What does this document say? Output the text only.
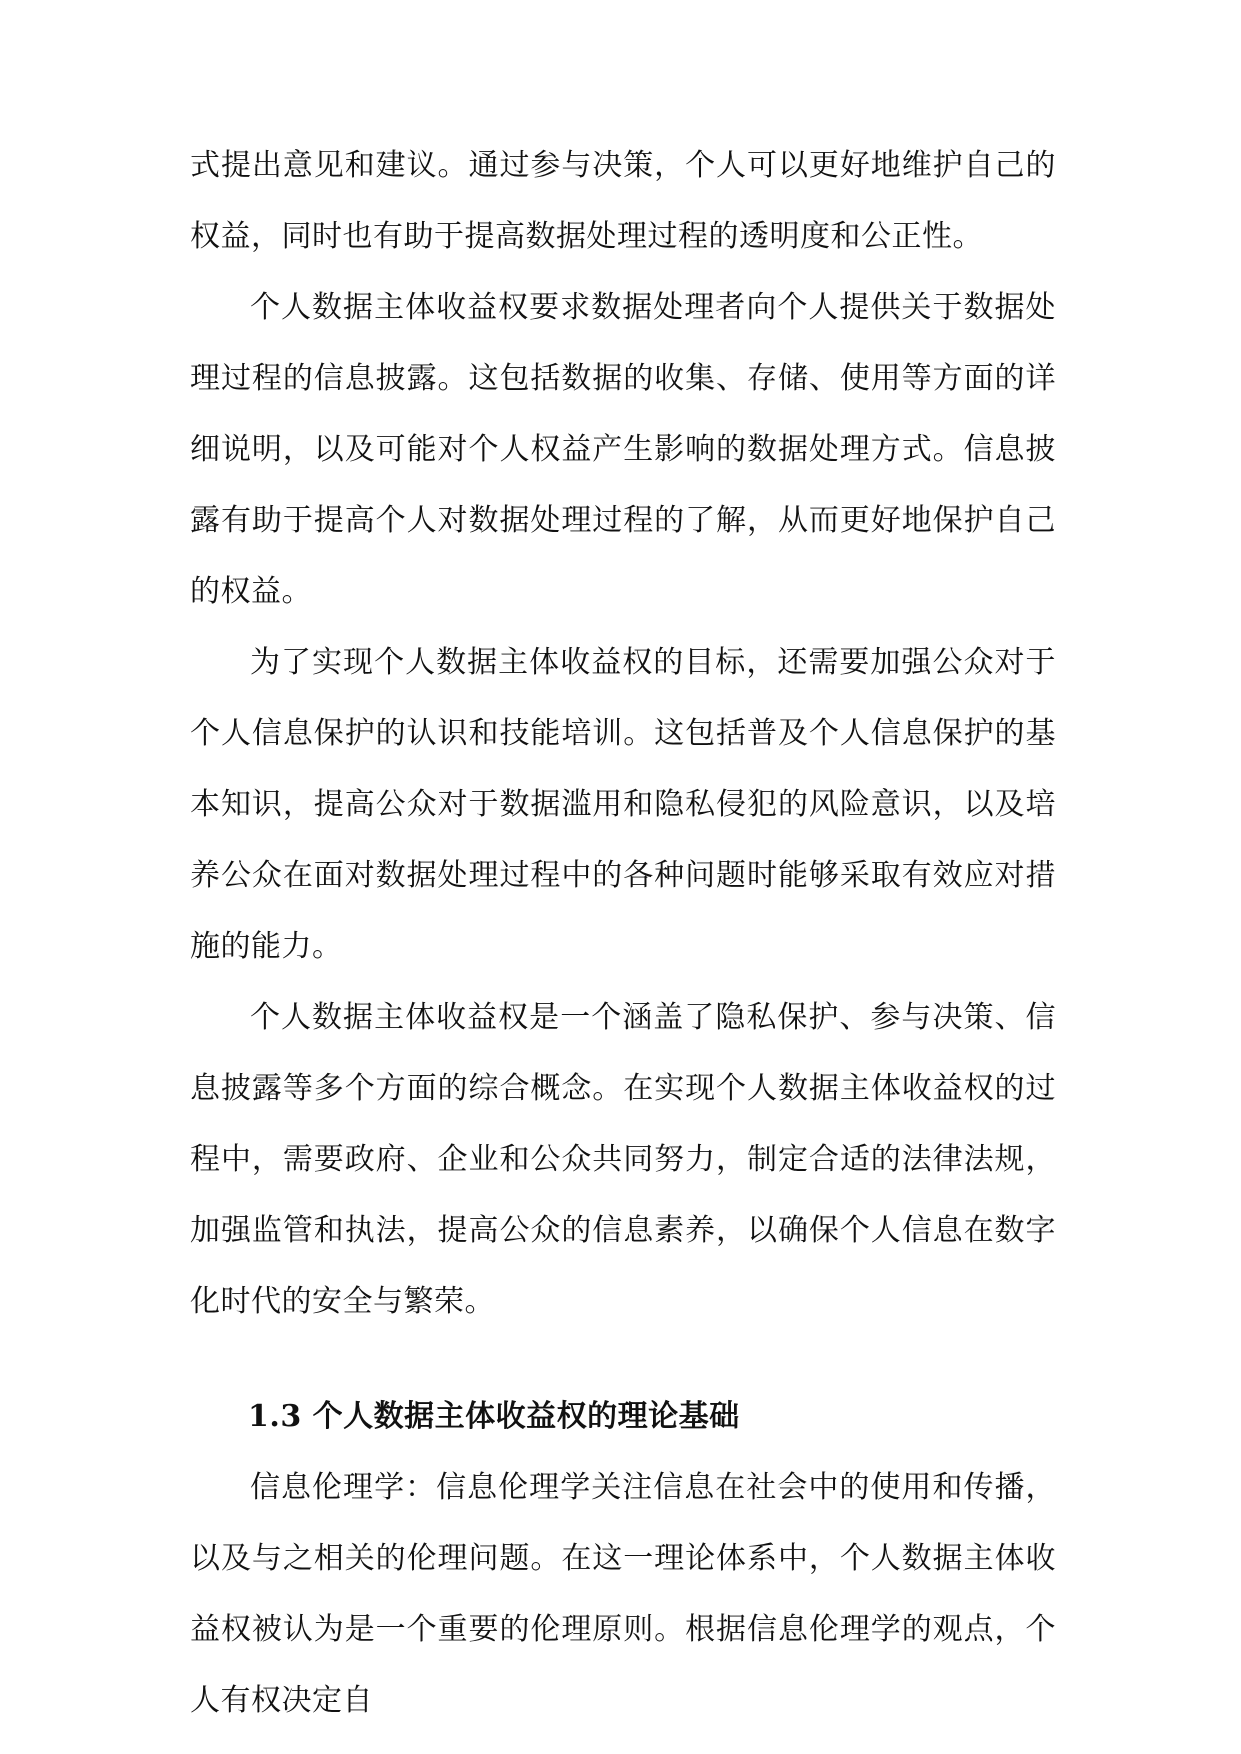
式提出意见和建议。通过参与决策，个人可以更好地维护自己的权益，同时也有助于提高数据处理过程的透明度和公正性。

个人数据主体收益权要求数据处理者向个人提供关于数据处理过程的信息披露。这包括数据的收集、存储、使用等方面的详细说明，以及可能对个人权益产生影响的数据处理方式。信息披露有助于提高个人对数据处理过程的了解，从而更好地保护自己的权益。

为了实现个人数据主体收益权的目标，还需要加强公众对于个人信息保护的认识和技能培训。这包括普及个人信息保护的基本知识，提高公众对于数据滥用和隐私侵犯的风险意识，以及培养公众在面对数据处理过程中的各种问题时能够采取有效应对措施的能力。

个人数据主体收益权是一个涵盖了隐私保护、参与决策、信息披露等多个方面的综合概念。在实现个人数据主体收益权的过程中，需要政府、企业和公众共同努力，制定合适的法律法规，加强监管和执法，提高公众的信息素养，以确保个人信息在数字化时代的安全与繁荣。

1.3 个人数据主体收益权的理论基础

信息伦理学：信息伦理学关注信息在社会中的使用和传播，以及与之相关的伦理问题。在这一理论体系中，个人数据主体收益权被认为是一个重要的伦理原则。根据信息伦理学的观点，个人有权决定自
